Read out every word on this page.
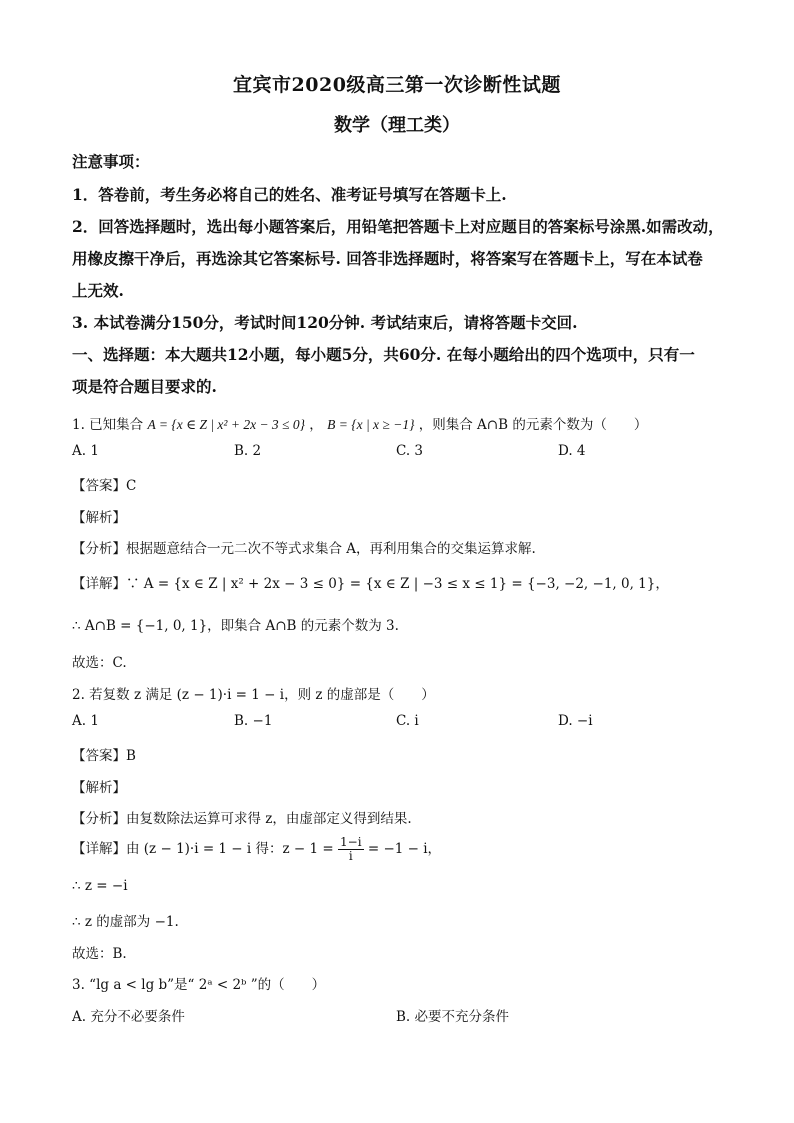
宜宾市2020级高三第一次诊断性试题
数学（理工类）
注意事项：
1．答卷前，考生务必将自己的姓名、准考证号填写在答题卡上.
2．回答选择题时，选出每小题答案后，用铅笔把答题卡上对应题目的答案标号涂黑.如需改动，
用橡皮擦干净后，再选涂其它答案标号. 回答非选择题时，将答案写在答题卡上，写在本试卷
上无效.
3. 本试卷满分150分，考试时间120分钟. 考试结束后，请将答题卡交回.
一、选择题：本大题共12小题，每小题5分，共60分. 在每小题给出的四个选项中，只有一
项是符合题目要求的.
1. 已知集合 A = {x ∈ Z | x² + 2x − 3 ≤ 0} ， B = {x | x ≥ −1} ，则集合 A∩B 的元素个数为（　　）
A. 1	B. 2	C. 3	D. 4
【答案】C
【解析】
【分析】根据题意结合一元二次不等式求集合 A，再利用集合的交集运算求解.
【详解】∵ A = {x ∈ Z | x² + 2x − 3 ≤ 0} = {x ∈ Z | −3 ≤ x ≤ 1} = {−3, −2, −1, 0, 1}，
∴ A∩B = {−1, 0, 1}，即集合 A∩B 的元素个数为 3.
故选：C.
2. 若复数 z 满足 (z − 1)·i = 1 − i，则 z 的虚部是（　　）
A. 1	B. −1	C. i	D. −i
【答案】B
【解析】
【分析】由复数除法运算可求得 z，由虚部定义得到结果.
【详解】由 (z − 1)·i = 1 − i 得：$z - 1 = \frac{1-i}{i} = -1 - i$，
∴ z = −i
∴ z 的虚部为 −1.
故选：B.
3. “lg a < lg b”是“ 2ᵃ < 2ᵇ ”的（　　）
A. 充分不必要条件	B. 必要不充分条件
